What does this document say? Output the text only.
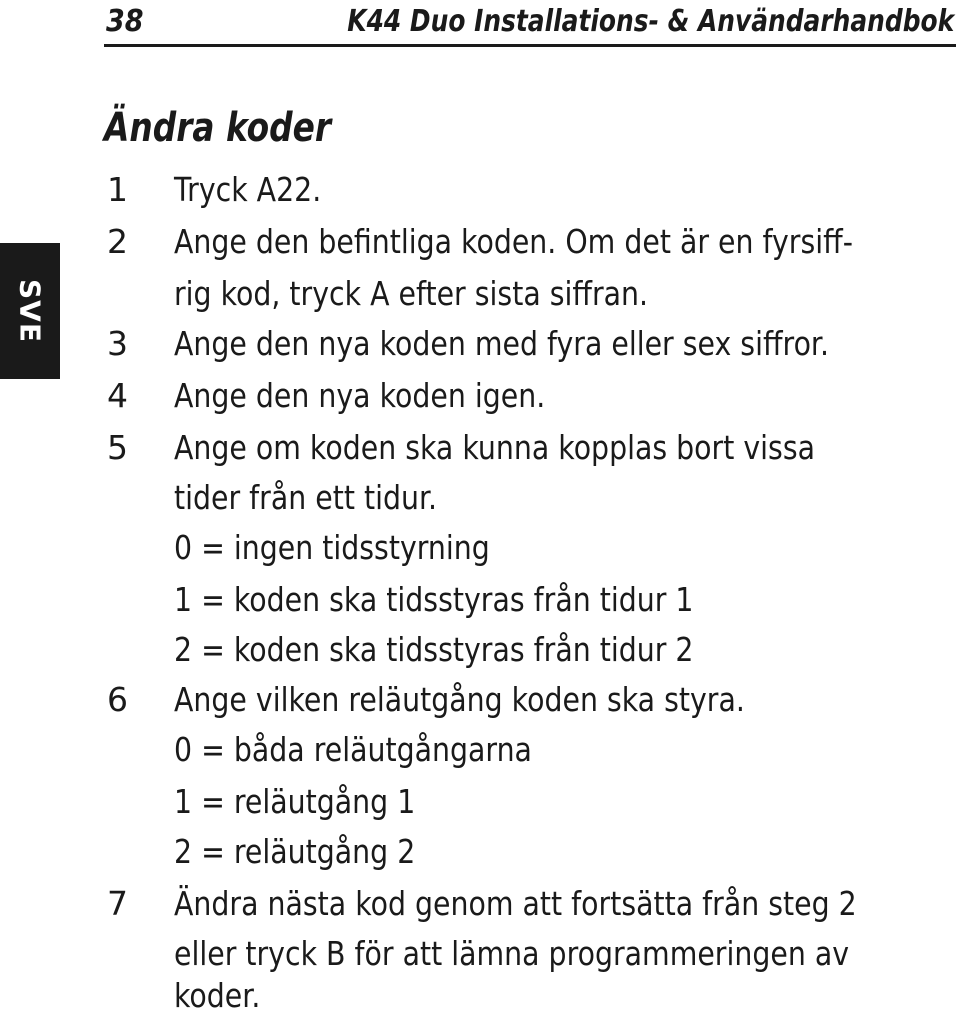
38	K44 Duo Installations- & Användarhandbok
SVE
Ändra koder
1 Tryck A22.
2 Ange den befintliga koden. Om det är en fyrsiff-
rig kod, tryck A efter sista siffran.
3 Ange den nya koden med fyra eller sex siffror.
4 Ange den nya koden igen.
5 Ange om koden ska kunna kopplas bort vissa
tider från ett tidur.
0 = ingen tidsstyrning
1 = koden ska tidsstyras från tidur 1
2 = koden ska tidsstyras från tidur 2
6 Ange vilken reläutgång koden ska styra.
0 = båda reläutgångarna
1 = reläutgång 1
2 = reläutgång 2
7 Ändra nästa kod genom att fortsätta från steg 2
eller tryck B för att lämna programmeringen av
koder.
